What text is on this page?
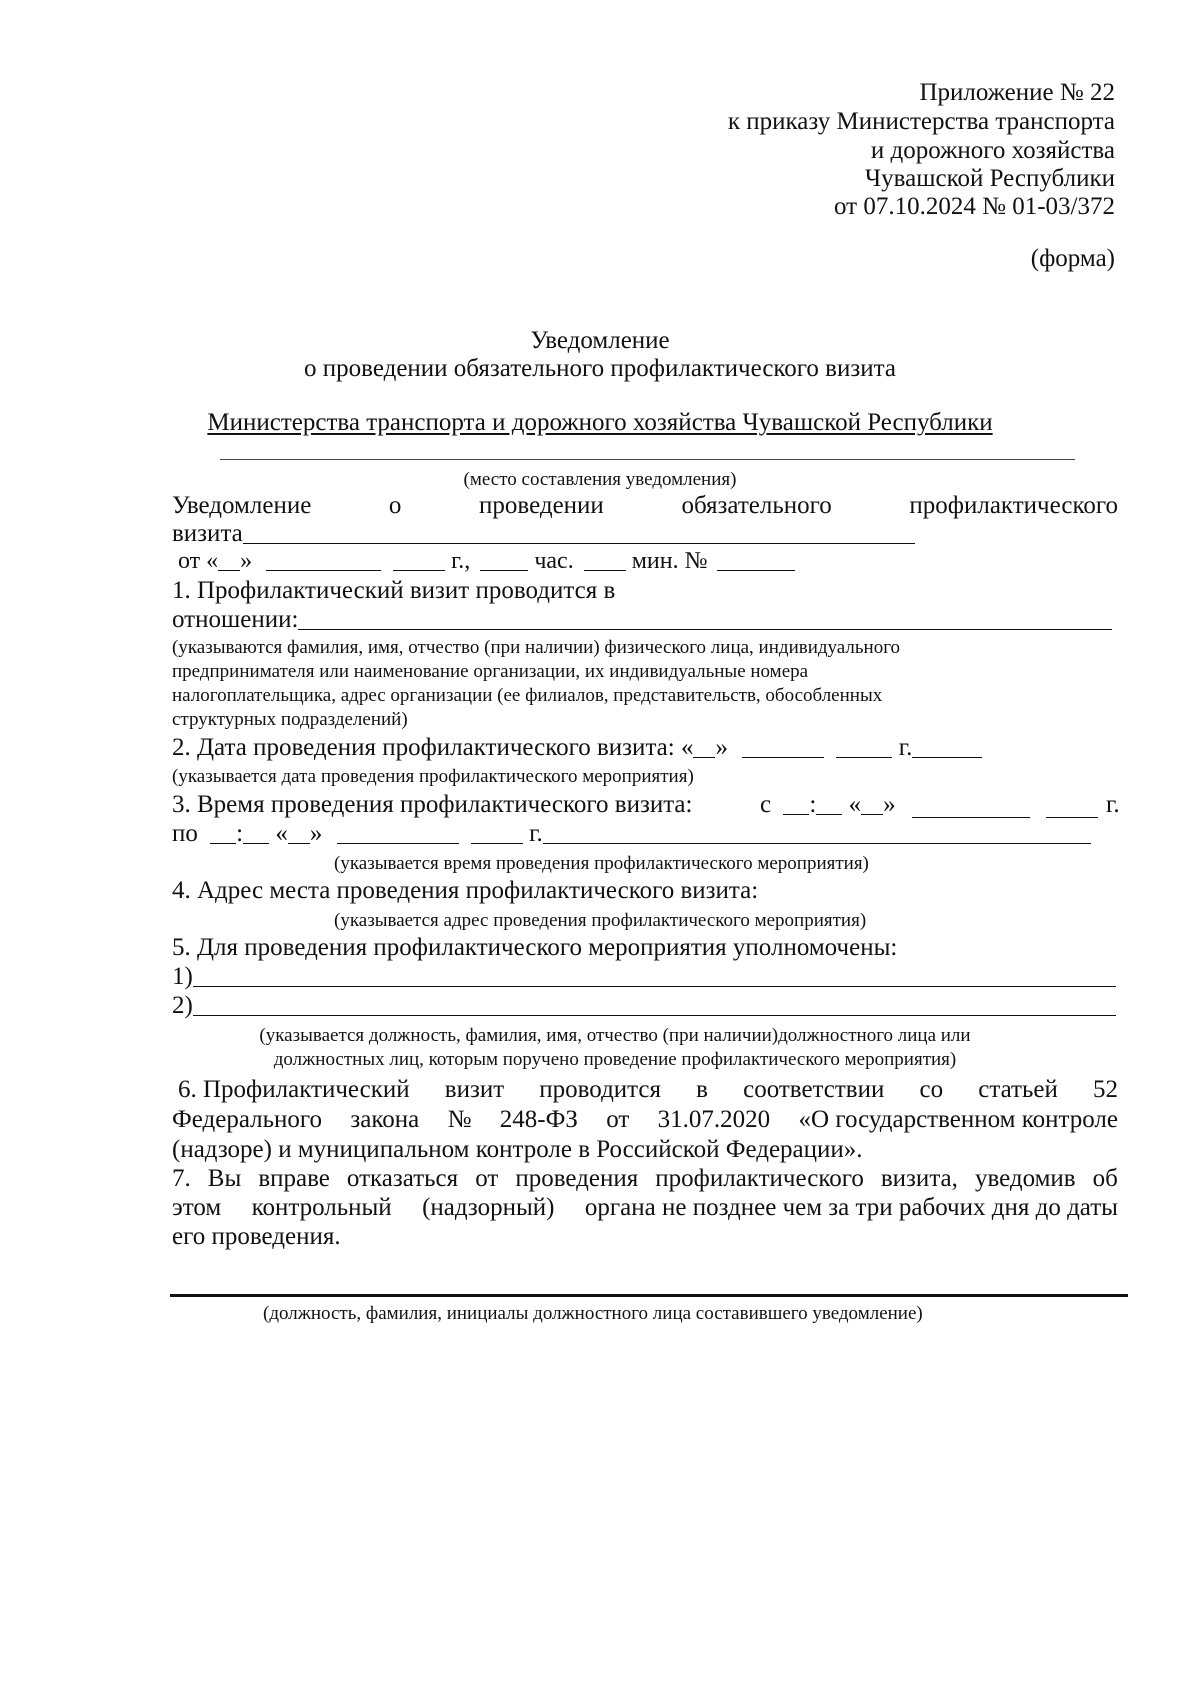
Приложение № 22
к приказу Министерства транспорта
и дорожного хозяйства
Чувашской Республики
от 07.10.2024 № 01-03/372
(форма)
Уведомление
о проведении обязательного профилактического визита
Министерства транспорта и дорожного хозяйства Чувашской Республики
(место составления уведомления)
Уведомление	о	проведении	обязательного	профилактического
визита
от « »	г.,	час. мин. №
1. Профилактический визит проводится в
отношении:
(указываются фамилия, имя, отчество (при наличии) физического лица, индивидуального
предпринимателя или наименование организации, их индивидуальные номера
налогоплательщика, адрес организации (ее филиалов, представительств, обособленных
структурных подразделений)
2. Дата проведения профилактического визита: « »	г.
(указывается дата проведения профилактического мероприятия)
3. Время проведения профилактического визита:	с : « »	г.
по : « »	г.
(указывается время проведения профилактического мероприятия)
4. Адрес места проведения профилактического визита:
(указывается адрес проведения профилактического мероприятия)
5. Для проведения профилактического мероприятия уполномочены:
1)
2)
(указывается должность, фамилия, имя, отчество (при наличии)должностного лица или
должностных лиц, которым поручено проведение профилактического мероприятия)
6. Профилактический визит проводится в соответствии со статьей 52
Федерального закона № 248-ФЗ от 31.07.2020 «О государственном контроле
(надзоре) и муниципальном контроле в Российской Федерации».
7. Вы вправе отказаться от проведения профилактического визита, уведомив об
этом контрольный (надзорный) органа не позднее чем за три рабочих дня до даты
его проведения.
(должность, фамилия, инициалы должностного лица составившего уведомление)
